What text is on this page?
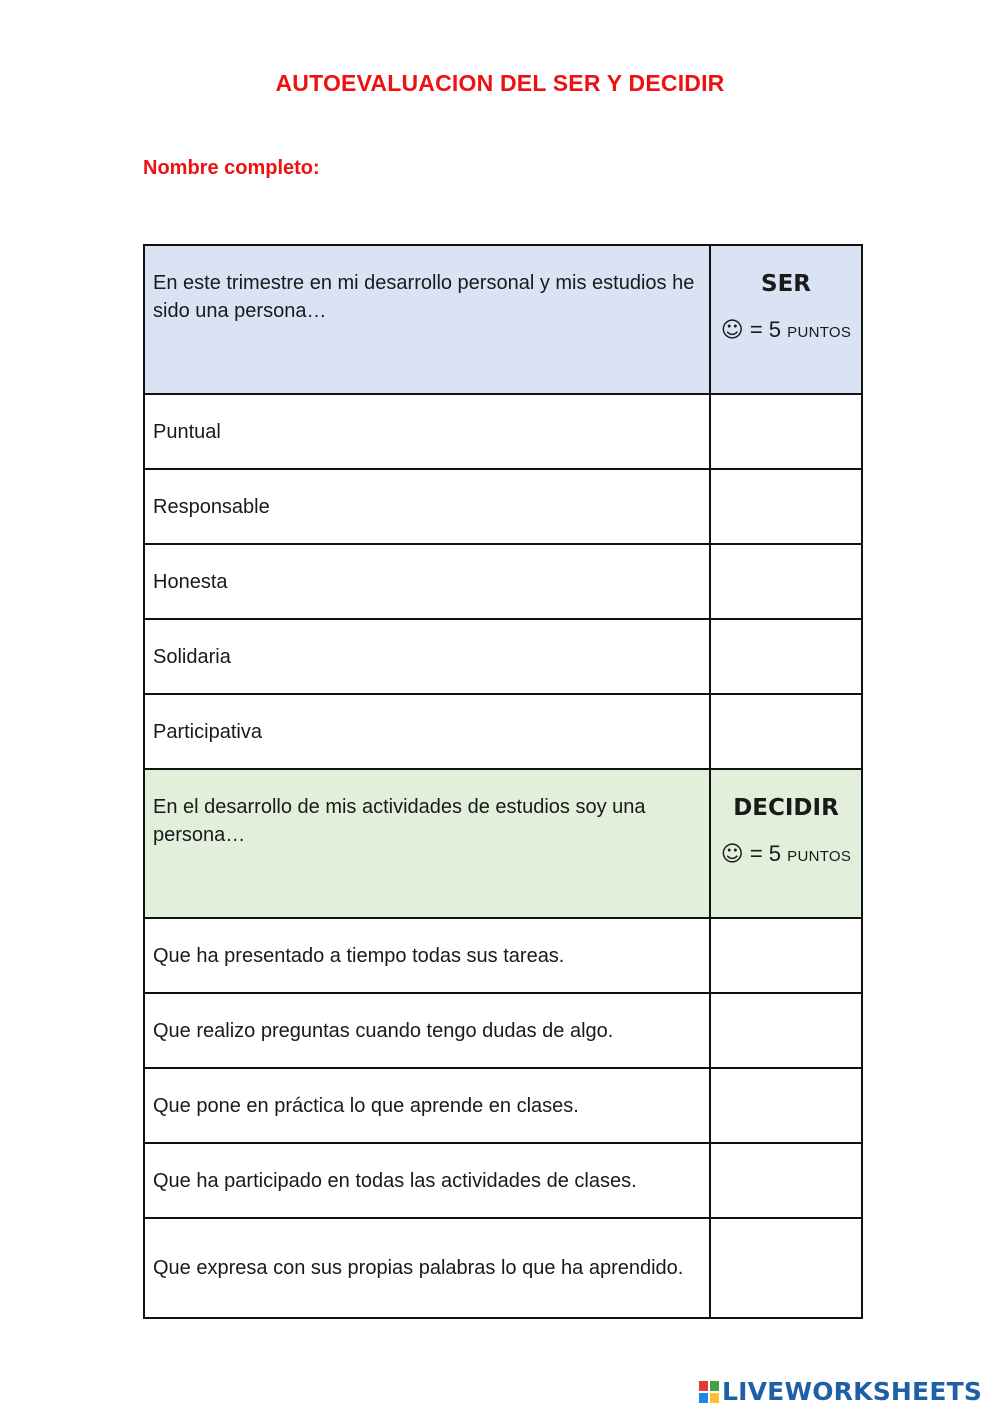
AUTOEVALUACION DEL SER Y DECIDIR
Nombre completo:
En este trimestre en mi desarrollo personal y mis estudios he sido una persona…	SER
☺ = 5 PUNTOS

Puntual	

Responsable	

Honesta	

Solidaria	

Participativa	

En el desarrollo de mis actividades de estudios soy una persona…	DECIDIR
☺ = 5 PUNTOS

Que ha presentado a tiempo todas sus tareas.	

Que realizo preguntas cuando tengo dudas de algo.	

Que pone en práctica lo que aprende en clases.	

Que ha participado en todas las actividades de clases.	

Que expresa con sus propias palabras lo que ha aprendido.	

LIVEWORKSHEETS
